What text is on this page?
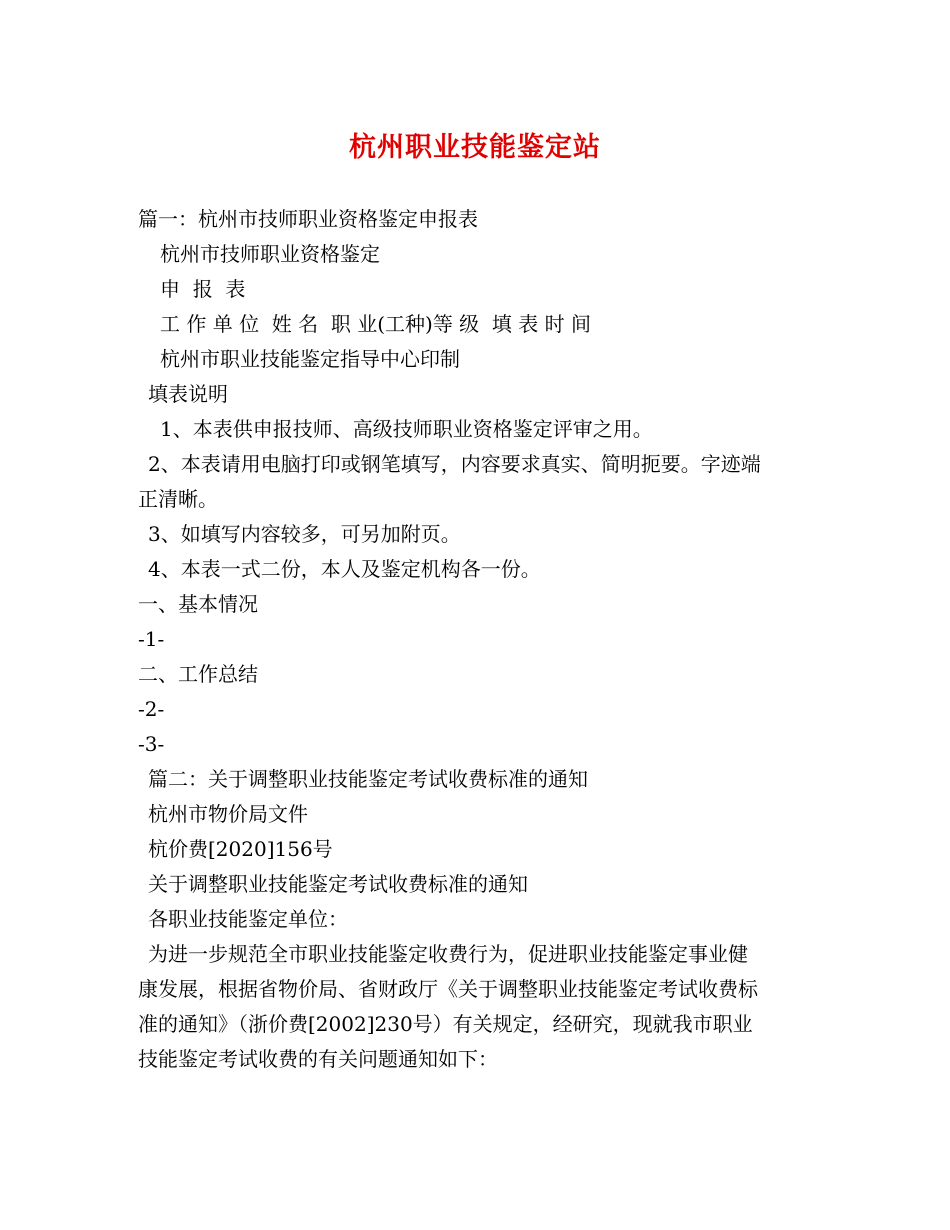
杭州职业技能鉴定站
篇一：杭州市技师职业资格鉴定申报表
杭州市技师职业资格鉴定
申  报  表
工 作 单 位  姓 名  职 业(工种)等 级  填 表 时 间
杭州市职业技能鉴定指导中心印制
填表说明
1、本表供申报技师、高级技师职业资格鉴定评审之用。
2、本表请用电脑打印或钢笔填写，内容要求真实、简明扼要。字迹端
正清晰。
3、如填写内容较多，可另加附页。
4、本表一式二份，本人及鉴定机构各一份。
一、基本情况
-1-
二、工作总结
-2-
-3-
篇二：关于调整职业技能鉴定考试收费标准的通知
杭州市物价局文件
杭价费[2020]156号
关于调整职业技能鉴定考试收费标准的通知
各职业技能鉴定单位：
为进一步规范全市职业技能鉴定收费行为，促进职业技能鉴定事业健
康发展，根据省物价局、省财政厅《关于调整职业技能鉴定考试收费标
准的通知》（浙价费[2002]230号）有关规定，经研究，现就我市职业
技能鉴定考试收费的有关问题通知如下：
